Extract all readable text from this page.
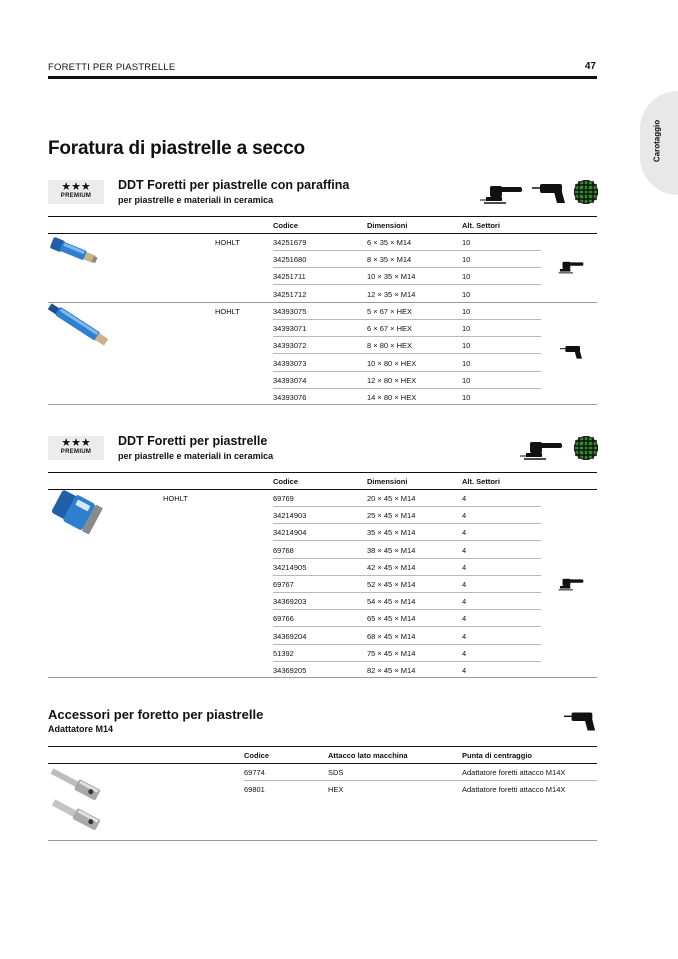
FORETTI PER PIASTRELLE	47
Carotaggio
Foratura di piastrelle a secco
★★★
PREMIUM
DDT Foretti per piastrelle con paraffina
per piastrelle e materiali in ceramica
Codice	Dimensioni	Alt. Settori
HOHLT	34251679	6 × 35 × M14	10
34251680	8 × 35 × M14	10
34251711	10 × 35 × M14	10
34251712	12 × 35 × M14	10
HOHLT	34393075	5 × 67 × HEX	10
34393071	6 × 67 × HEX	10
34393072	8 × 80 × HEX	10
34393073	10 × 80 × HEX	10
34393074	12 × 80 × HEX	10
34393076	14 × 80 × HEX	10
★★★
PREMIUM
DDT Foretti per piastrelle
per piastrelle e materiali in ceramica
Codice	Dimensioni	Alt. Settori
HOHLT	69769	20 × 45 × M14	4
34214903	25 × 45 × M14	4
34214904	35 × 45 × M14	4
69768	38 × 45 × M14	4
34214905	42 × 45 × M14	4
69767	52 × 45 × M14	4
34369203	54 × 45 × M14	4
69766	65 × 45 × M14	4
34369204	68 × 45 × M14	4
51392	75 × 45 × M14	4
34369205	82 × 45 × M14	4
Accessori per foretto per piastrelle
Adattatore M14
Codice	Attacco lato macchina	Punta di centraggio
69774	SDS	Adattatore foretti attacco M14X
69801	HEX	Adattatore foretti attacco M14X
